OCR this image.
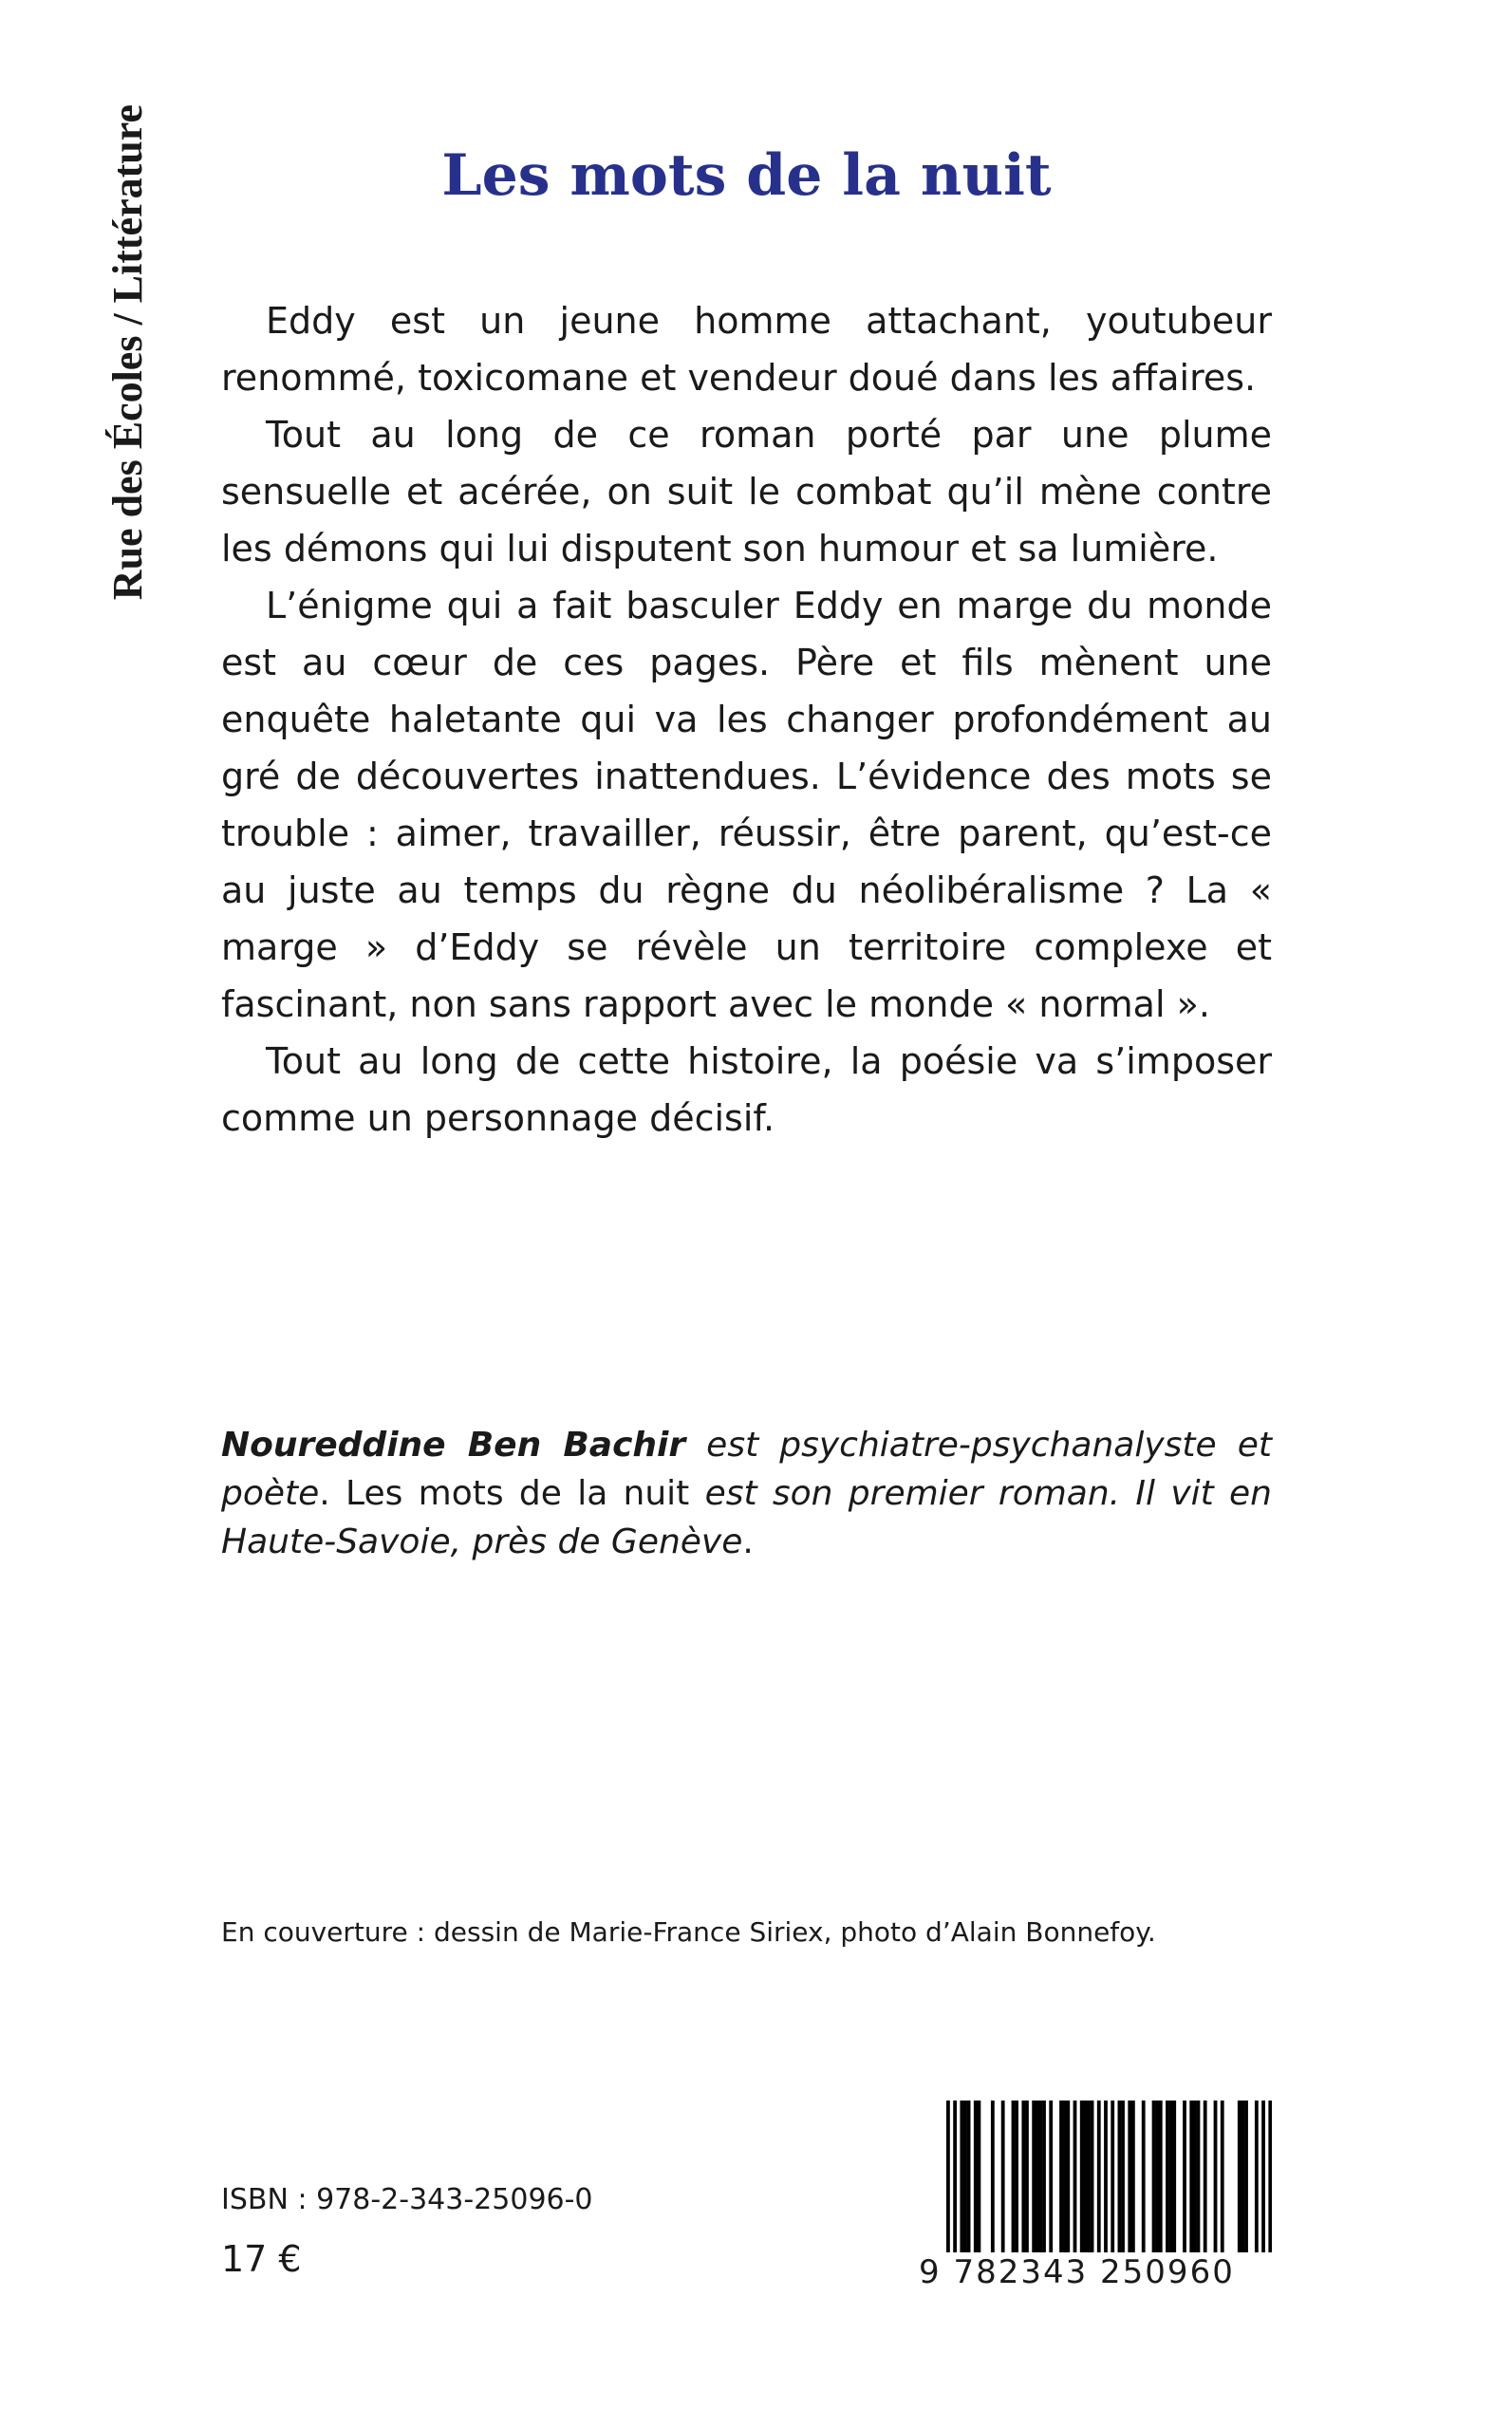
Rue des Écoles / Littérature	Les mots de la nuit

Eddy est un jeune homme attachant, youtubeur renommé, toxicomane et vendeur doué dans les affaires.

Tout au long de ce roman porté par une plume sensuelle et acérée, on suit le combat qu’il mène contre les démons qui lui disputent son humour et sa lumière.

L’énigme qui a fait basculer Eddy en marge du monde est au cœur de ces pages. Père et fils mènent une enquête haletante qui va les changer profondément au gré de découvertes inattendues. L’évidence des mots se trouble : aimer, travailler, réussir, être parent, qu’est-ce au juste au temps du règne du néolibéralisme ? La « marge » d’Eddy se révèle un territoire complexe et fascinant, non sans rapport avec le monde « normal ».

Tout au long de cette histoire, la poésie va s’imposer comme un personnage décisif.

Noureddine Ben Bachir est psychiatre-psychanalyste et poète. Les mots de la nuit est son premier roman. Il vit en Haute-Savoie, près de Genève.
En couverture : dessin de Marie-France Siriex, photo d’Alain Bonnefoy.
ISBN : 978-2-343-25096-0
17 €	9 782343 250960
